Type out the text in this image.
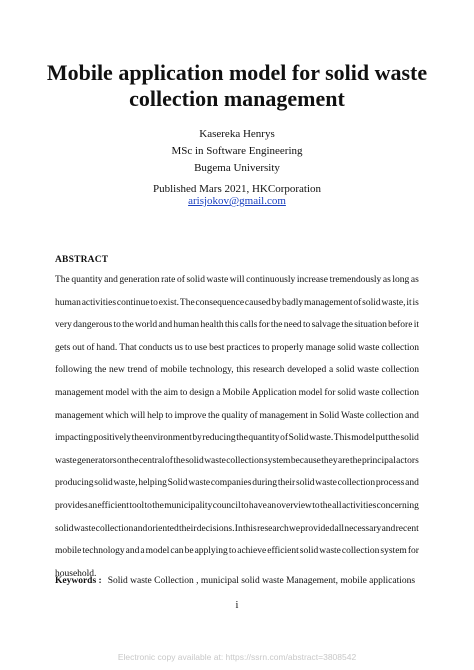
Mobile application model for solid waste
collection management
Kasereka Henrys
MSc in Software Engineering
Bugema University
Published Mars 2021, HKCorporation
arisjokov@gmail.com
ABSTRACT
The quantity and generation rate of solid waste will continuously increase tremendously as long as
human activities continue to exist. The consequence caused by badly management of solid waste, it is
very dangerous to the world and human health this calls for the need to salvage the situation before it
gets out of hand. That conducts us to use best practices to properly manage solid waste collection
following the new trend of mobile technology, this research developed a solid waste collection
management model with the aim to design a Mobile Application model for solid waste collection
management which will help to improve the quality of management in Solid Waste collection and
impacting positively the environment by reducing the quantity of Solid waste. This model put the solid
waste generators on the central of the solid waste collection system because they are the principal actors
producing solid waste, helping Solid waste companies during their solid waste collection process and
provides an efficient tool to the municipality council to have an overview to the all activities concerning
solid waste collection and oriented their decisions. In this research we provided all necessary and recent
mobile technology and a model can be applying to achieve efficient solid waste collection system for
household.
Keywords : Solid waste Collection , municipal solid waste Management, mobile applications
i
Electronic copy available at: https://ssrn.com/abstract=3808542
